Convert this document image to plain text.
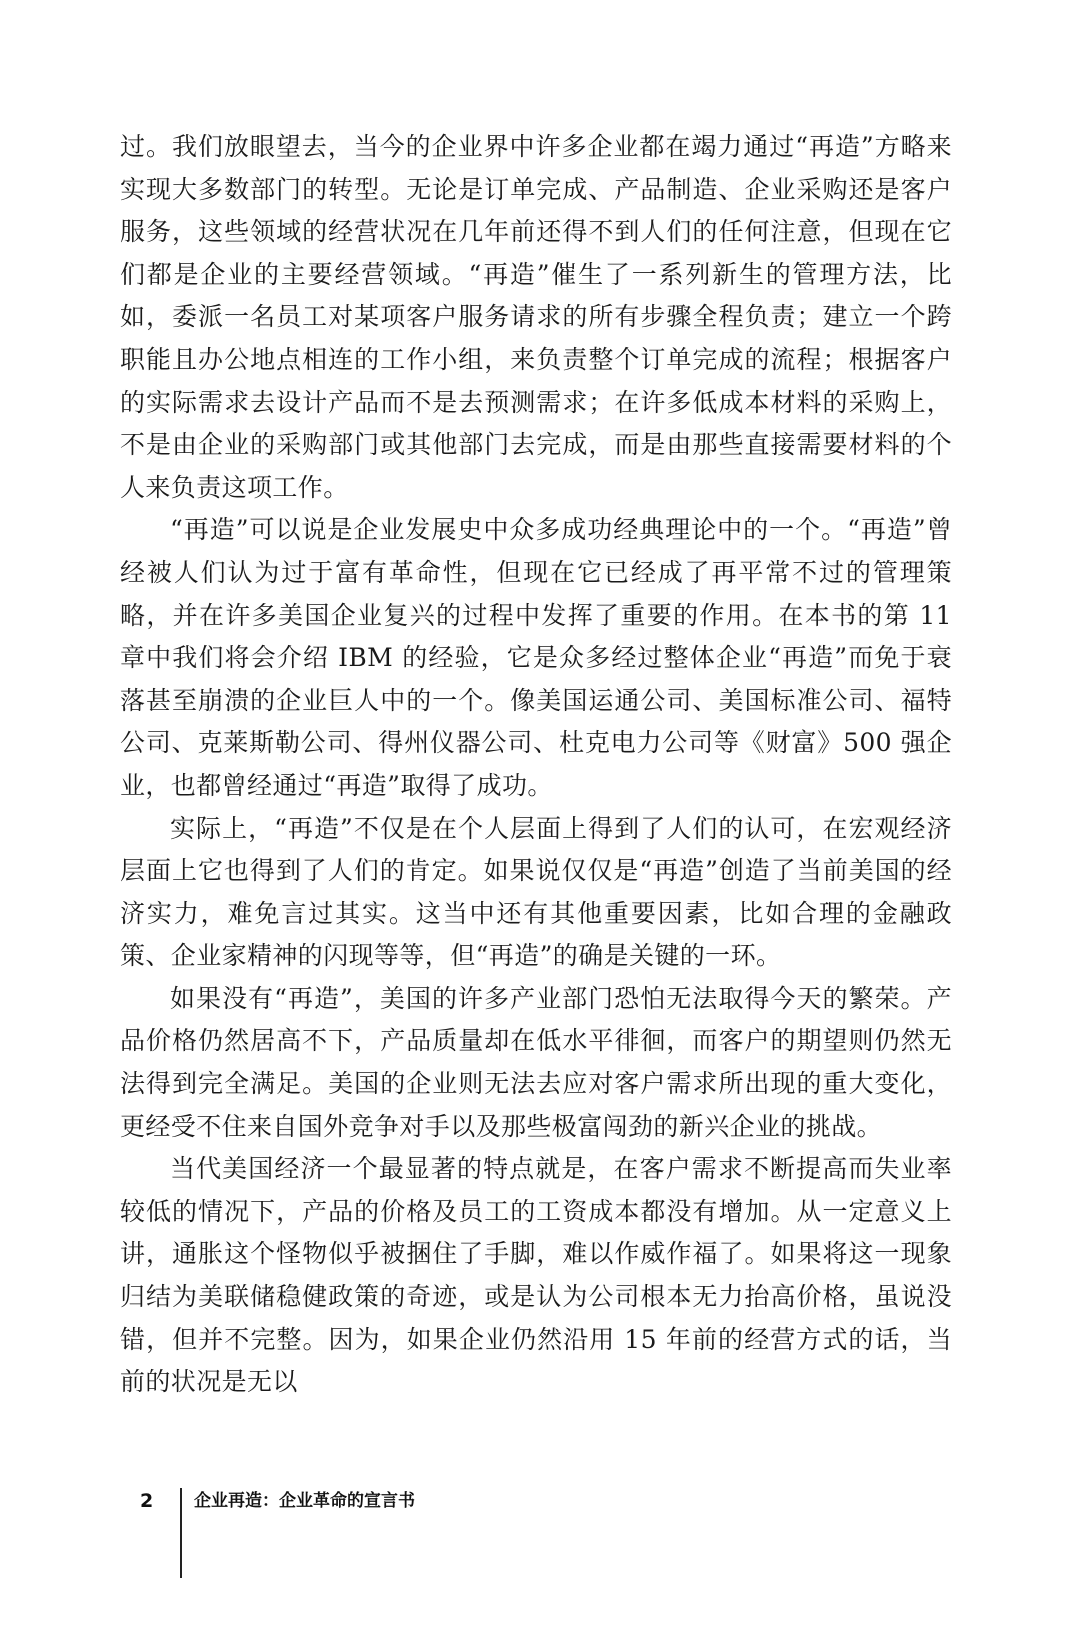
过。我们放眼望去，当今的企业界中许多企业都在竭力通过“再造”方略来实现大多数部门的转型。无论是订单完成、产品制造、企业采购还是客户服务，这些领域的经营状况在几年前还得不到人们的任何注意，但现在它们都是企业的主要经营领域。“再造”催生了一系列新生的管理方法，比如，委派一名员工对某项客户服务请求的所有步骤全程负责；建立一个跨职能且办公地点相连的工作小组，来负责整个订单完成的流程；根据客户的实际需求去设计产品而不是去预测需求；在许多低成本材料的采购上，不是由企业的采购部门或其他部门去完成，而是由那些直接需要材料的个人来负责这项工作。

“再造”可以说是企业发展史中众多成功经典理论中的一个。“再造”曾经被人们认为过于富有革命性，但现在它已经成了再平常不过的管理策略，并在许多美国企业复兴的过程中发挥了重要的作用。在本书的第 11 章中我们将会介绍 IBM 的经验，它是众多经过整体企业“再造”而免于衰落甚至崩溃的企业巨人中的一个。像美国运通公司、美国标准公司、福特公司、克莱斯勒公司、得州仪器公司、杜克电力公司等《财富》500 强企业，也都曾经通过“再造”取得了成功。

实际上，“再造”不仅是在个人层面上得到了人们的认可，在宏观经济层面上它也得到了人们的肯定。如果说仅仅是“再造”创造了当前美国的经济实力，难免言过其实。这当中还有其他重要因素，比如合理的金融政策、企业家精神的闪现等等，但“再造”的确是关键的一环。

如果没有“再造”，美国的许多产业部门恐怕无法取得今天的繁荣。产品价格仍然居高不下，产品质量却在低水平徘徊，而客户的期望则仍然无法得到完全满足。美国的企业则无法去应对客户需求所出现的重大变化，更经受不住来自国外竞争对手以及那些极富闯劲的新兴企业的挑战。

当代美国经济一个最显著的特点就是，在客户需求不断提高而失业率较低的情况下，产品的价格及员工的工资成本都没有增加。从一定意义上讲，通胀这个怪物似乎被捆住了手脚，难以作威作福了。如果将这一现象归结为美联储稳健政策的奇迹，或是认为公司根本无力抬高价格，虽说没错，但并不完整。因为，如果企业仍然沿用 15 年前的经营方式的话，当前的状况是无以

2 企业再造：企业革命的宣言书
